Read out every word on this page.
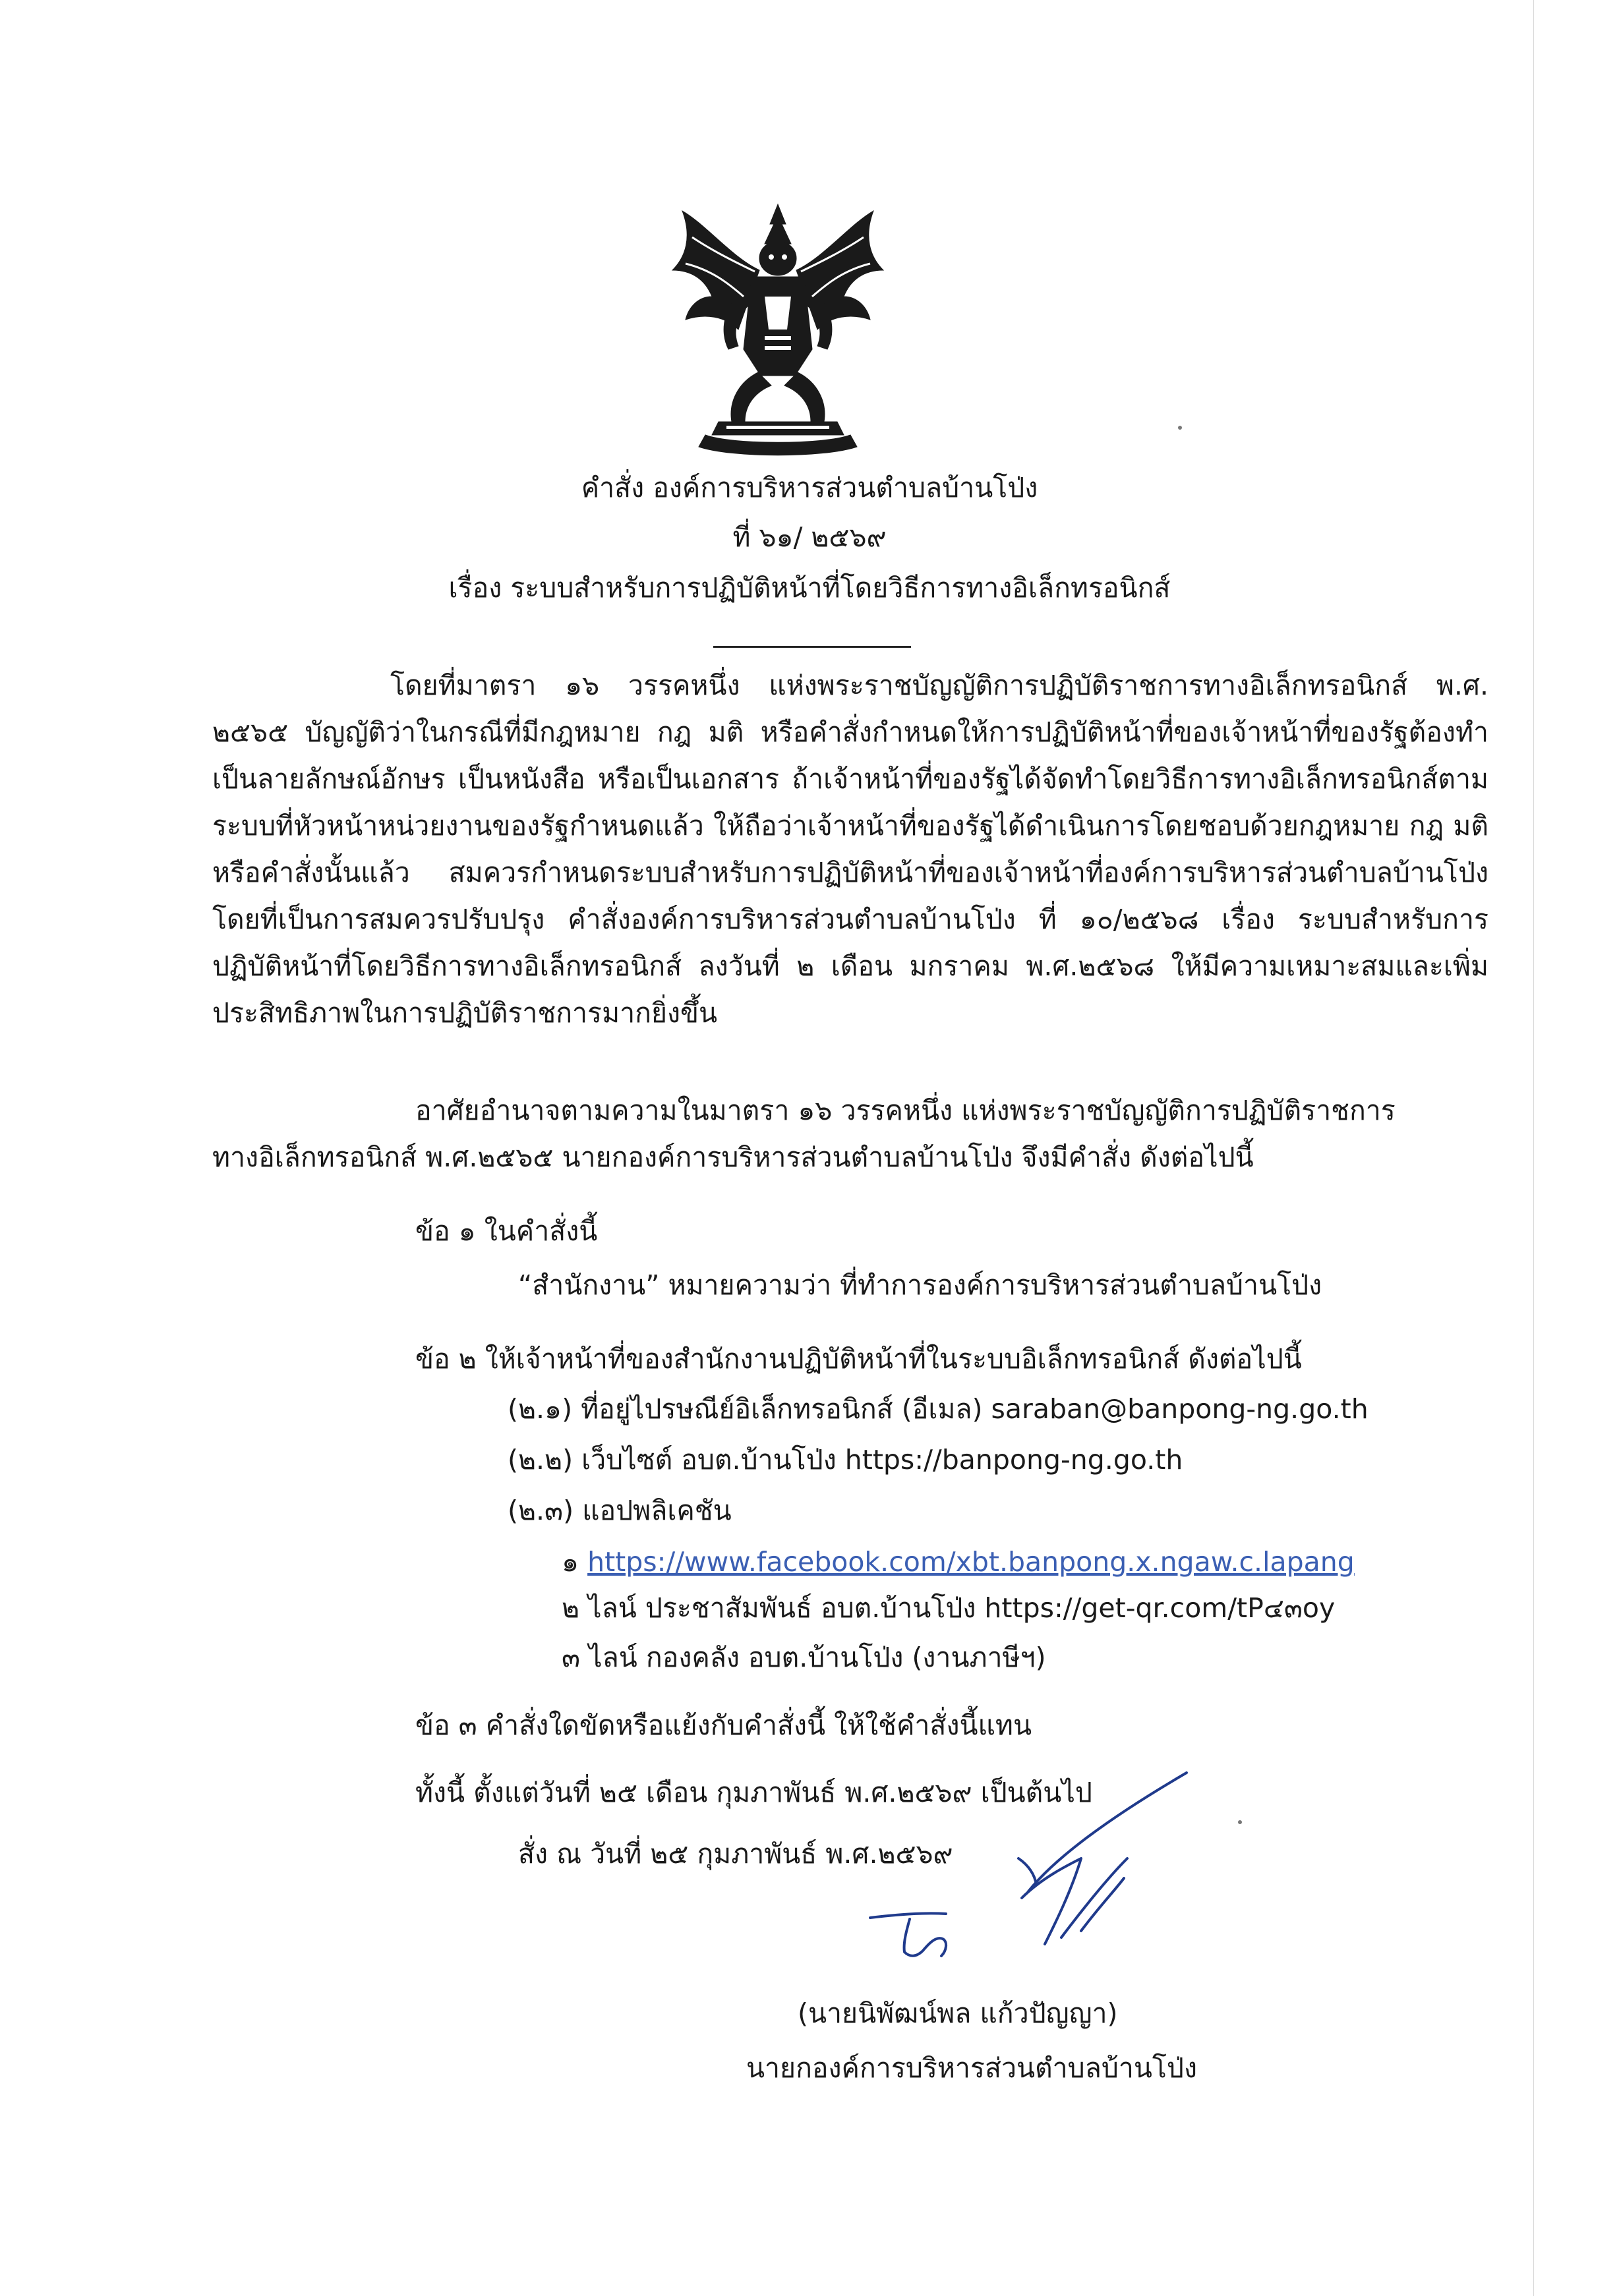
คำสั่ง องค์การบริหารส่วนตำบลบ้านโป่ง
ที่ ๖๑/ ๒๕๖๙
เรื่อง ระบบสำหรับการปฏิบัติหน้าที่โดยวิธีการทางอิเล็กทรอนิกส์
โดยที่มาตรา ๑๖ วรรคหนึ่ง แห่งพระราชบัญญัติการปฏิบัติราชการทางอิเล็กทรอนิกส์ พ.ศ.
๒๕๖๕ บัญญัติว่าในกรณีที่มีกฎหมาย กฎ มติ หรือคำสั่งกำหนดให้การปฏิบัติหน้าที่ของเจ้าหน้าที่ของรัฐต้องทำ
เป็นลายลักษณ์อักษร เป็นหนังสือ หรือเป็นเอกสาร ถ้าเจ้าหน้าที่ของรัฐได้จัดทำโดยวิธีการทางอิเล็กทรอนิกส์ตาม
ระบบที่หัวหน้าหน่วยงานของรัฐกำหนดแล้ว ให้ถือว่าเจ้าหน้าที่ของรัฐได้ดำเนินการโดยชอบด้วยกฎหมาย กฎ มติ
หรือคำสั่งนั้นแล้ว สมควรกำหนดระบบสำหรับการปฏิบัติหน้าที่ของเจ้าหน้าที่องค์การบริหารส่วนตำบลบ้านโป่ง
โดยที่เป็นการสมควรปรับปรุง คำสั่งองค์การบริหารส่วนตำบลบ้านโป่ง ที่ ๑๐/๒๕๖๘ เรื่อง ระบบสำหรับการ
ปฏิบัติหน้าที่โดยวิธีการทางอิเล็กทรอนิกส์ ลงวันที่ ๒ เดือน มกราคม พ.ศ.๒๕๖๘ ให้มีความเหมาะสมและเพิ่ม
ประสิทธิภาพในการปฏิบัติราชการมากยิ่งขึ้น
อาศัยอำนาจตามความในมาตรา ๑๖ วรรคหนึ่ง แห่งพระราชบัญญัติการปฏิบัติราชการ
ทางอิเล็กทรอนิกส์ พ.ศ.๒๕๖๕ นายกองค์การบริหารส่วนตำบลบ้านโป่ง จึงมีคำสั่ง ดังต่อไปนี้
ข้อ ๑ ในคำสั่งนี้
“สำนักงาน” หมายความว่า ที่ทำการองค์การบริหารส่วนตำบลบ้านโป่ง
ข้อ ๒ ให้เจ้าหน้าที่ของสำนักงานปฏิบัติหน้าที่ในระบบอิเล็กทรอนิกส์ ดังต่อไปนี้
(๒.๑) ที่อยู่ไปรษณีย์อิเล็กทรอนิกส์ (อีเมล) saraban@banpong-ng.go.th
(๒.๒) เว็บไซต์ อบต.บ้านโป่ง https://banpong-ng.go.th
(๒.๓) แอปพลิเคชัน
๑ https://www.facebook.com/xbt.banpong.x.ngaw.c.lapang
๒ ไลน์ ประชาสัมพันธ์ อบต.บ้านโป่ง https://get-qr.com/tP๔๓oy
๓ ไลน์ กองคลัง อบต.บ้านโป่ง (งานภาษีฯ)
ข้อ ๓ คำสั่งใดขัดหรือแย้งกับคำสั่งนี้ ให้ใช้คำสั่งนี้แทน
ทั้งนี้ ตั้งแต่วันที่ ๒๕ เดือน กุมภาพันธ์ พ.ศ.๒๕๖๙ เป็นต้นไป
สั่ง ณ วันที่ ๒๕ กุมภาพันธ์ พ.ศ.๒๕๖๙
(นายนิพัฒน์พล แก้วปัญญา)
นายกองค์การบริหารส่วนตำบลบ้านโป่ง
